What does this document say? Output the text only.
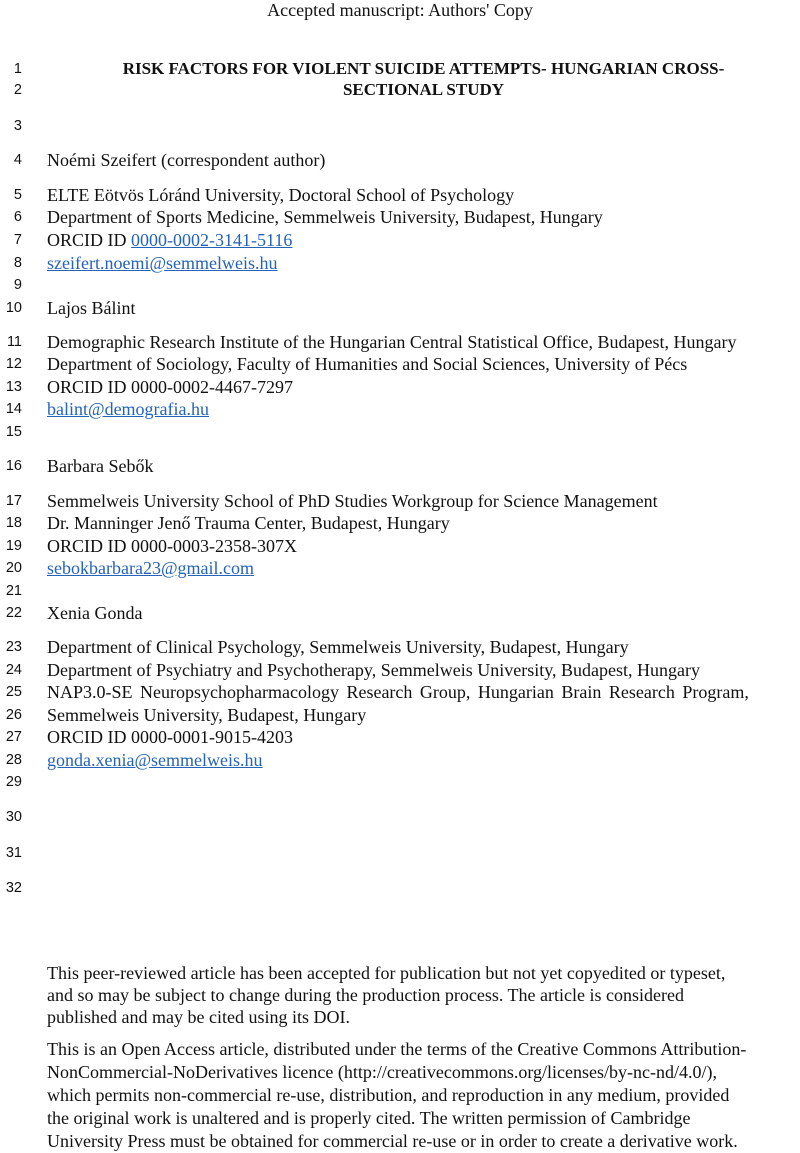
Accepted manuscript: Authors' Copy
1
2
3
4
5
6
7
8
9
10
11
12
13
14
15
16
17
18
19
20
21
22
23
24
25
26
27
28
29
30
31
32
RISK FACTORS FOR VIOLENT SUICIDE ATTEMPTS- HUNGARIAN CROSS-
SECTIONAL STUDY
Noémi Szeifert (correspondent author)
ELTE Eötvös Lóránd University, Doctoral School of Psychology
Department of Sports Medicine, Semmelweis University, Budapest, Hungary
ORCID ID 0000-0002-3141-5116
szeifert.noemi@semmelweis.hu
Lajos Bálint
Demographic Research Institute of the Hungarian Central Statistical Office, Budapest, Hungary
Department of Sociology, Faculty of Humanities and Social Sciences, University of Pécs
ORCID ID 0000-0002-4467-7297
balint@demografia.hu
Barbara Sebők
Semmelweis University School of PhD Studies Workgroup for Science Management
Dr. Manninger Jenő Trauma Center, Budapest, Hungary
ORCID ID 0000-0003-2358-307X
sebokbarbara23@gmail.com
Xenia Gonda
Department of Clinical Psychology, Semmelweis University, Budapest, Hungary
Department of Psychiatry and Psychotherapy, Semmelweis University, Budapest, Hungary
NAP3.0-SE Neuropsychopharmacology Research Group, Hungarian Brain Research Program,
Semmelweis University, Budapest, Hungary
ORCID ID 0000-0001-9015-4203
gonda.xenia@semmelweis.hu
This peer-reviewed article has been accepted for publication but not yet copyedited or typeset,
and so may be subject to change during the production process. The article is considered
published and may be cited using its DOI.
This is an Open Access article, distributed under the terms of the Creative Commons Attribution-
NonCommercial-NoDerivatives licence (http://creativecommons.org/licenses/by-nc-nd/4.0/),
which permits non-commercial re-use, distribution, and reproduction in any medium, provided
the original work is unaltered and is properly cited. The written permission of Cambridge
University Press must be obtained for commercial re-use or in order to create a derivative work.
